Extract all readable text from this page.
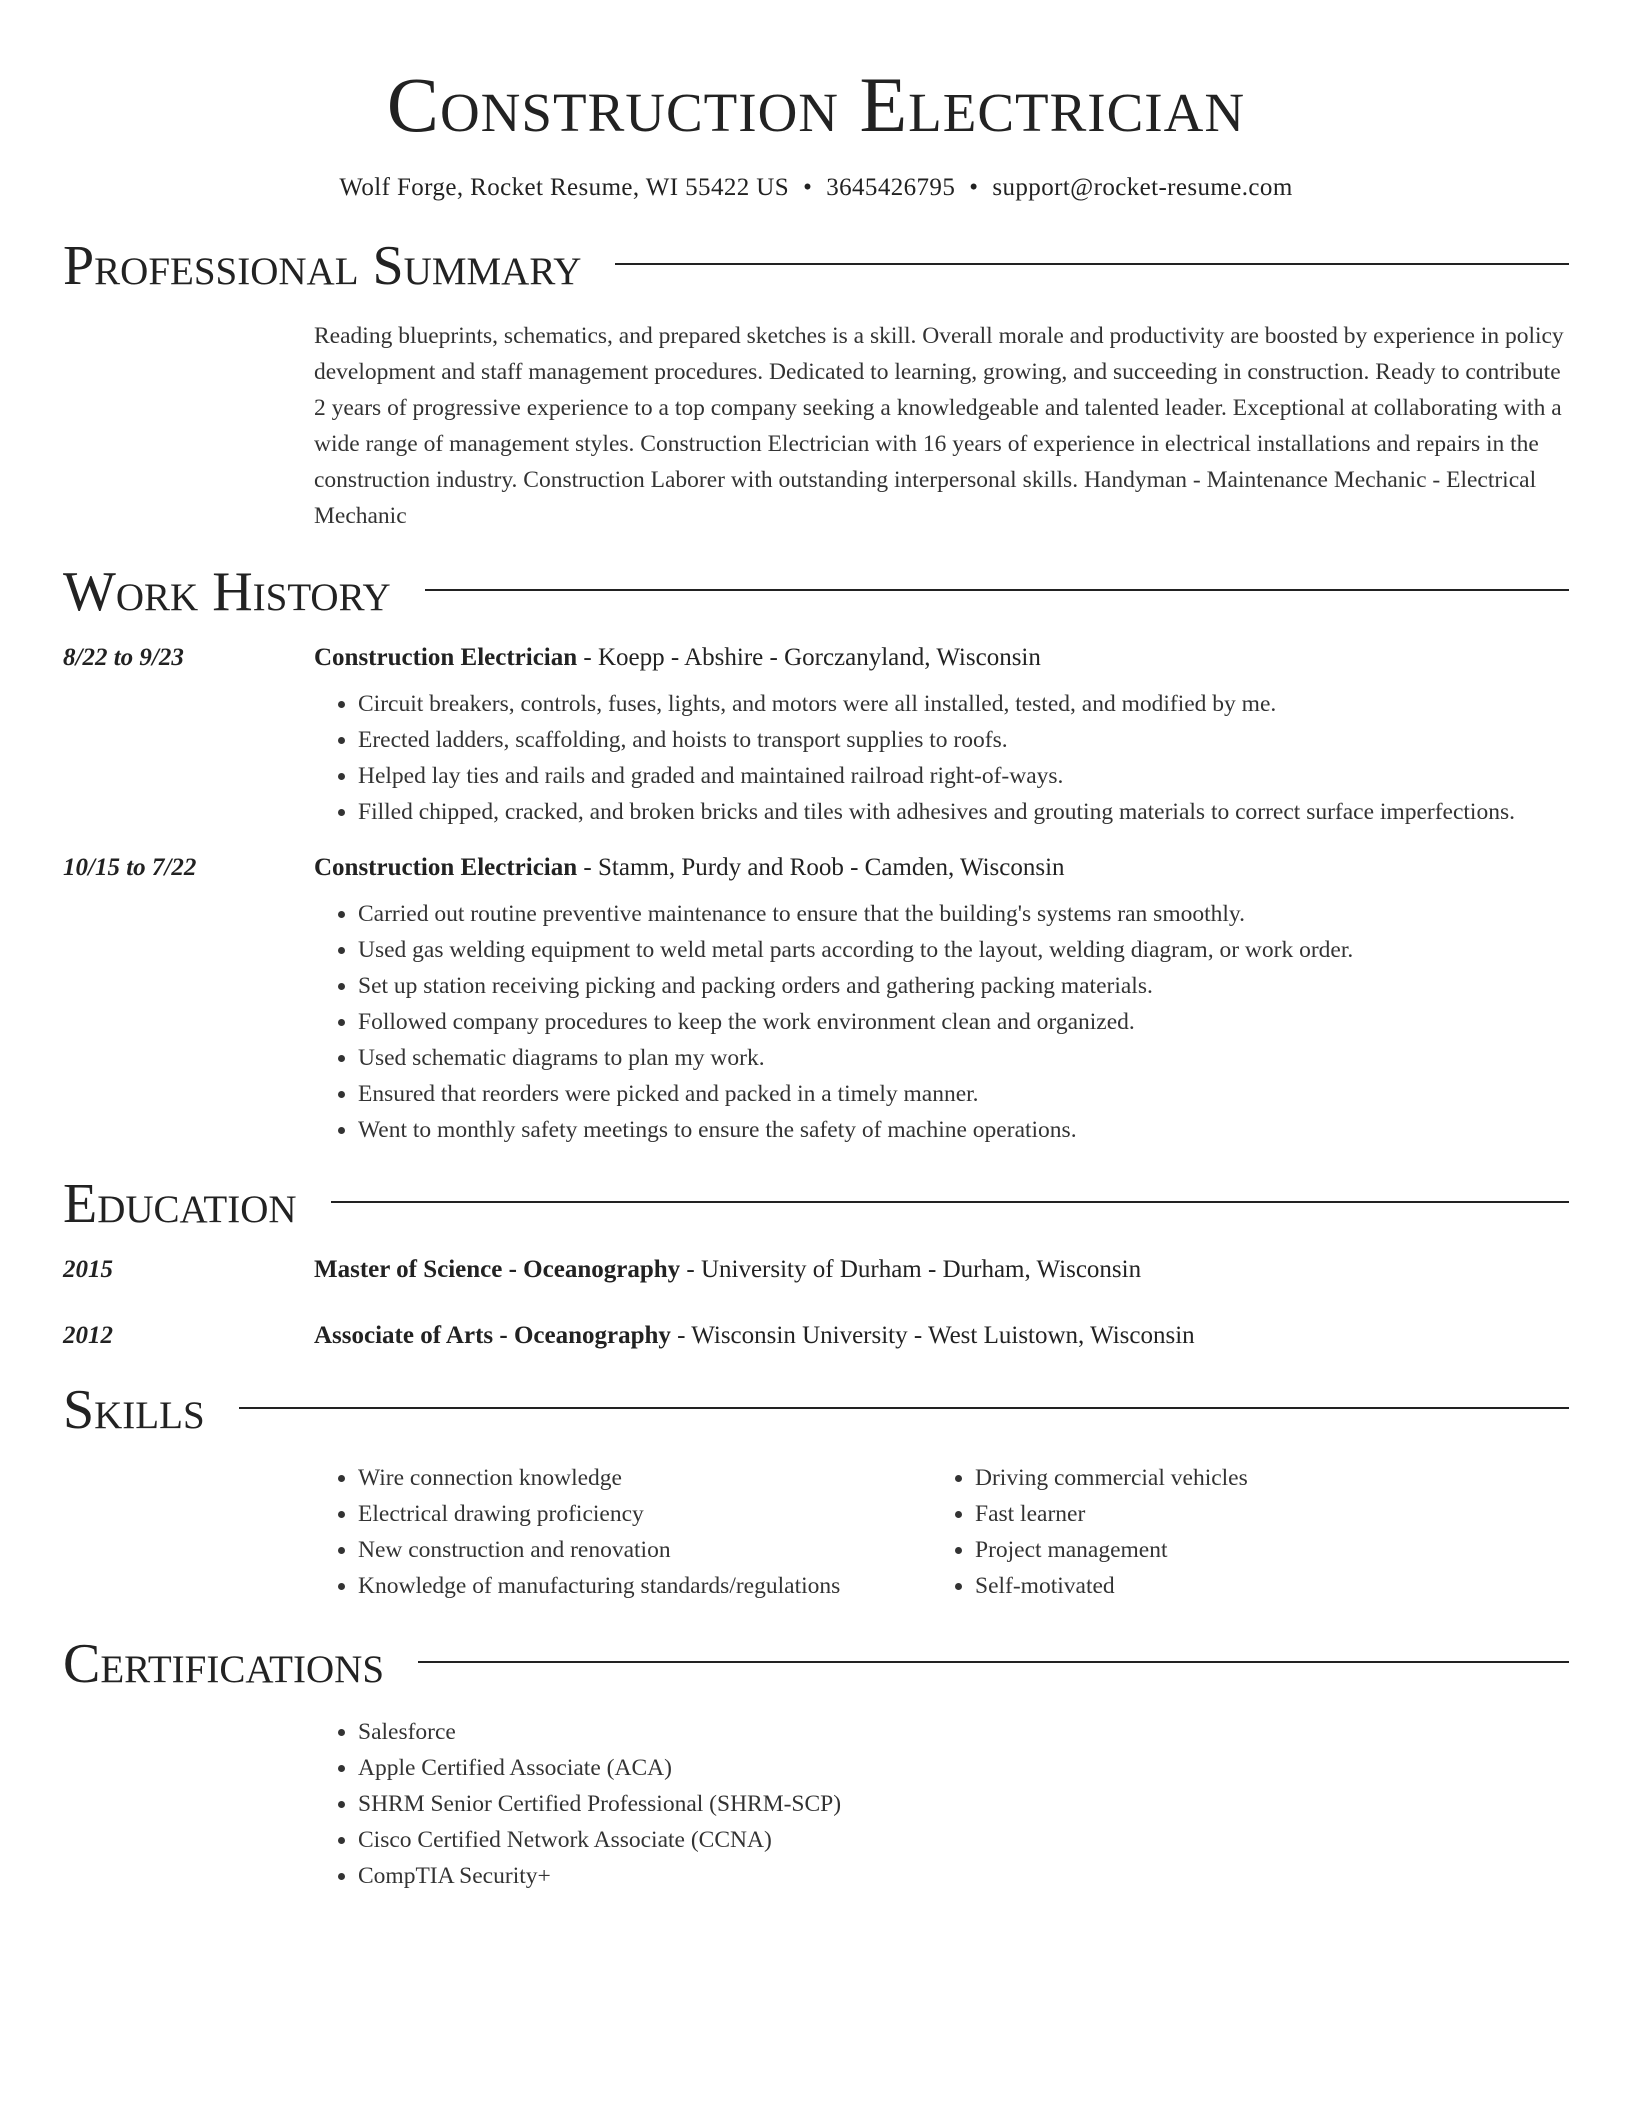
Construction Electrician
Wolf Forge, Rocket Resume, WI 55422 US • 3645426795 • support@rocket-resume.com
Professional Summary
Reading blueprints, schematics, and prepared sketches is a skill. Overall morale and productivity are boosted by experience in policy development and staff management procedures. Dedicated to learning, growing, and succeeding in construction. Ready to contribute 2 years of progressive experience to a top company seeking a knowledgeable and talented leader. Exceptional at collaborating with a wide range of management styles. Construction Electrician with 16 years of experience in electrical installations and repairs in the construction industry. Construction Laborer with outstanding interpersonal skills. Handyman - Maintenance Mechanic - Electrical Mechanic
Work History
8/22 to 9/23	Construction Electrician - Koepp - Abshire - Gorczanyland, Wisconsin
• Circuit breakers, controls, fuses, lights, and motors were all installed, tested, and modified by me.
• Erected ladders, scaffolding, and hoists to transport supplies to roofs.
• Helped lay ties and rails and graded and maintained railroad right-of-ways.
• Filled chipped, cracked, and broken bricks and tiles with adhesives and grouting materials to correct surface imperfections.
10/15 to 7/22	Construction Electrician - Stamm, Purdy and Roob - Camden, Wisconsin
• Carried out routine preventive maintenance to ensure that the building's systems ran smoothly.
• Used gas welding equipment to weld metal parts according to the layout, welding diagram, or work order.
• Set up station receiving picking and packing orders and gathering packing materials.
• Followed company procedures to keep the work environment clean and organized.
• Used schematic diagrams to plan my work.
• Ensured that reorders were picked and packed in a timely manner.
• Went to monthly safety meetings to ensure the safety of machine operations.
Education
2015	Master of Science - Oceanography - University of Durham - Durham, Wisconsin
2012	Associate of Arts - Oceanography - Wisconsin University - West Luistown, Wisconsin
Skills
• Wire connection knowledge
• Electrical drawing proficiency
• New construction and renovation
• Knowledge of manufacturing standards/regulations
• Driving commercial vehicles
• Fast learner
• Project management
• Self-motivated
Certifications
• Salesforce
• Apple Certified Associate (ACA)
• SHRM Senior Certified Professional (SHRM-SCP)
• Cisco Certified Network Associate (CCNA)
• CompTIA Security+
